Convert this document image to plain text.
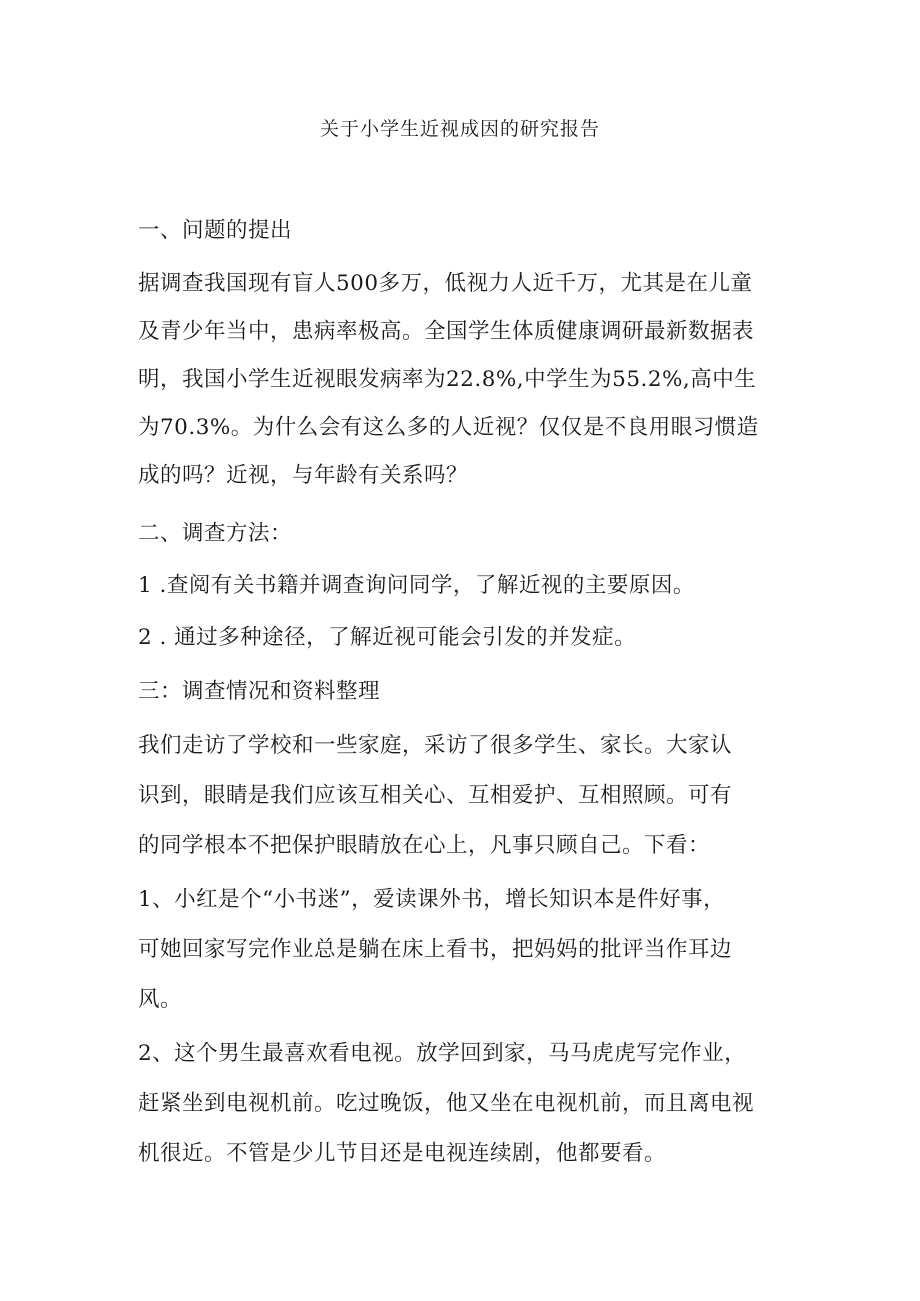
关于小学生近视成因的研究报告
一、问题的提出
据调查我国现有盲人500多万，低视力人近千万，尤其是在儿童
及青少年当中，患病率极高。全国学生体质健康调研最新数据表
明，我国小学生近视眼发病率为22.8%,中学生为55.2%,高中生
为70.3%。为什么会有这么多的人近视？仅仅是不良用眼习惯造
成的吗？近视，与年龄有关系吗？
二、调查方法：
1 .查阅有关书籍并调查询问同学，了解近视的主要原因。
2 . 通过多种途径，了解近视可能会引发的并发症。
三：调查情况和资料整理
我们走访了学校和一些家庭，采访了很多学生、家长。大家认
识到，眼睛是我们应该互相关心、互相爱护、互相照顾。可有
的同学根本不把保护眼睛放在心上，凡事只顾自己。下看：
1、小红是个“小书迷”，爱读课外书，增长知识本是件好事，
可她回家写完作业总是躺在床上看书，把妈妈的批评当作耳边
风。
2、这个男生最喜欢看电视。放学回到家，马马虎虎写完作业，
赶紧坐到电视机前。吃过晚饭，他又坐在电视机前，而且离电视
机很近。不管是少儿节目还是电视连续剧，他都要看。
